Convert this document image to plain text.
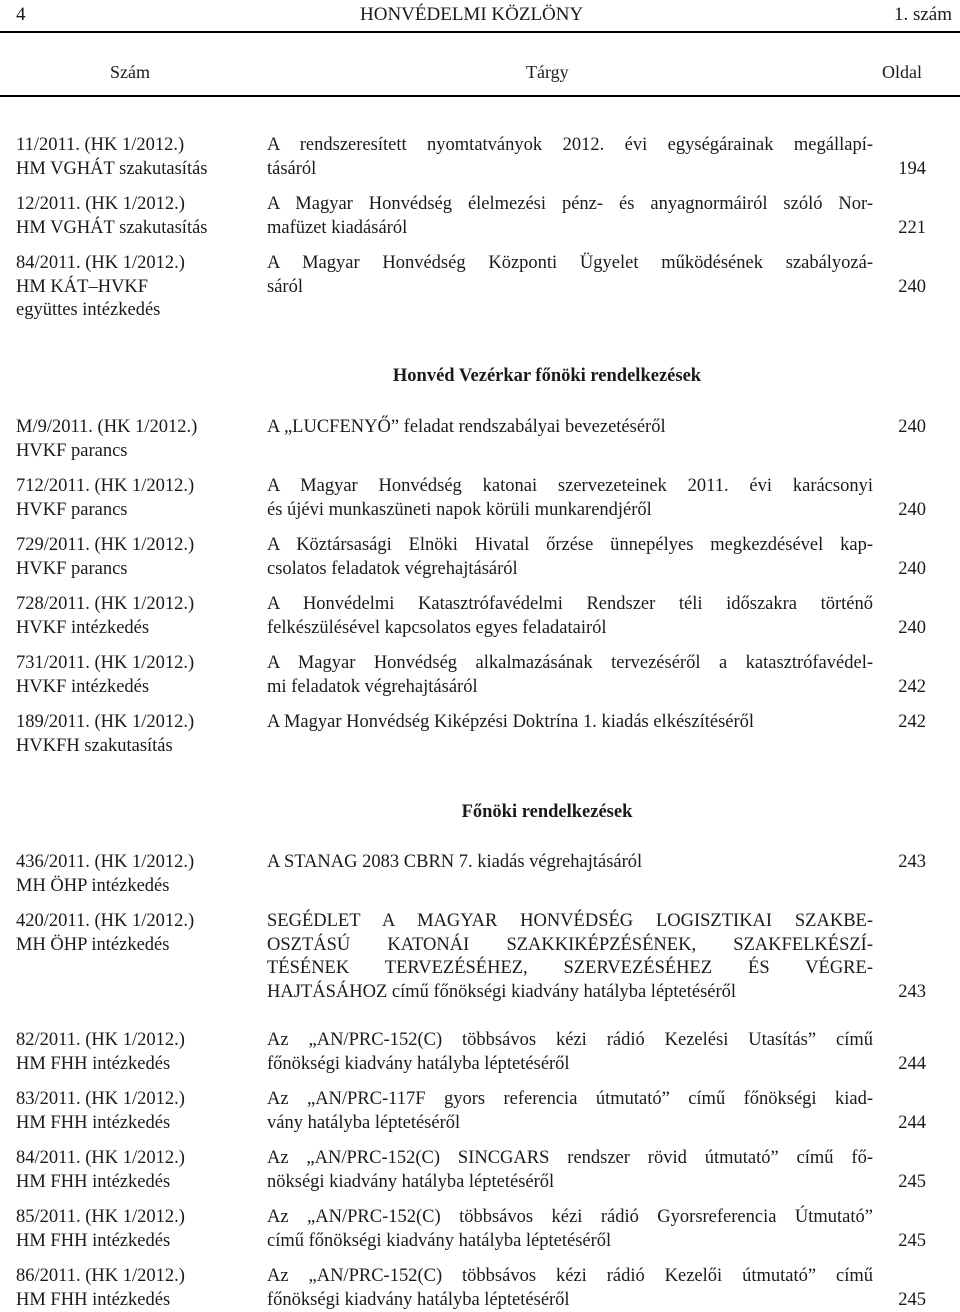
4	HONVÉDELMI KÖZLÖNY	1. szám
Szám	Tárgy	Oldal
Honvéd Vezérkar főnöki rendelkezések
Főnöki rendelkezések
11/2011. (HK 1/2012.)
HM VGHÁT szakutasítás
A rendszeresített nyomtatványok 2012. évi egységárainak megállapí-
tásáról	194
12/2011. (HK 1/2012.)
HM VGHÁT szakutasítás
A Magyar Honvédség élelmezési pénz- és anyagnormáiról szóló Nor-
mafüzet kiadásáról	221
84/2011. (HK 1/2012.)
HM KÁT–HVKF
együttes intézkedés
A Magyar Honvédség Központi Ügyelet működésének szabályozá-
sáról	240
M/9/2011. (HK 1/2012.)
HVKF parancs
A „LUCFENYŐ” feladat rendszabályai bevezetéséről	240
712/2011. (HK 1/2012.)
HVKF parancs
A Magyar Honvédség katonai szervezeteinek 2011. évi karácsonyi
és újévi munkaszüneti napok körüli munkarendjéről	240
729/2011. (HK 1/2012.)
HVKF parancs
A Köztársasági Elnöki Hivatal őrzése ünnepélyes megkezdésével kap-
csolatos feladatok végrehajtásáról	240
728/2011. (HK 1/2012.)
HVKF intézkedés
A Honvédelmi Katasztrófavédelmi Rendszer téli időszakra történő
felkészülésével kapcsolatos egyes feladatairól	240
731/2011. (HK 1/2012.)
HVKF intézkedés
A Magyar Honvédség alkalmazásának tervezéséről a katasztrófavédel-
mi feladatok végrehajtásáról	242
189/2011. (HK 1/2012.)
HVKFH szakutasítás
A Magyar Honvédség Kiképzési Doktrína 1. kiadás elkészítéséről	242
436/2011. (HK 1/2012.)
MH ÖHP intézkedés
A STANAG 2083 CBRN 7. kiadás végrehajtásáról	243
420/2011. (HK 1/2012.)
MH ÖHP intézkedés
SEGÉDLET A MAGYAR HONVÉDSÉG LOGISZTIKAI SZAKBE-
OSZTÁSÚ KATONÁI SZAKKIKÉPZÉSÉNEK, SZAKFELKÉSZÍ-
TÉSÉNEK TERVEZÉSÉHEZ, SZERVEZÉSÉHEZ ÉS VÉGRE-
HAJTÁSÁHOZ című főnökségi kiadvány hatályba léptetéséről	243
82/2011. (HK 1/2012.)
HM FHH intézkedés
Az „AN/PRC-152(C) többsávos kézi rádió Kezelési Utasítás” című
főnökségi kiadvány hatályba léptetéséről	244
83/2011. (HK 1/2012.)
HM FHH intézkedés
Az „AN/PRC-117F gyors referencia útmutató” című főnökségi kiad-
vány hatályba léptetéséről	244
84/2011. (HK 1/2012.)
HM FHH intézkedés
Az „AN/PRC-152(C) SINCGARS rendszer rövid útmutató” című fő-
nökségi kiadvány hatályba léptetéséről	245
85/2011. (HK 1/2012.)
HM FHH intézkedés
Az „AN/PRC-152(C) többsávos kézi rádió Gyorsreferencia Útmutató”
című főnökségi kiadvány hatályba léptetéséről	245
86/2011. (HK 1/2012.)
HM FHH intézkedés
Az „AN/PRC-152(C) többsávos kézi rádió Kezelői útmutató” című
főnökségi kiadvány hatályba léptetéséről	245
